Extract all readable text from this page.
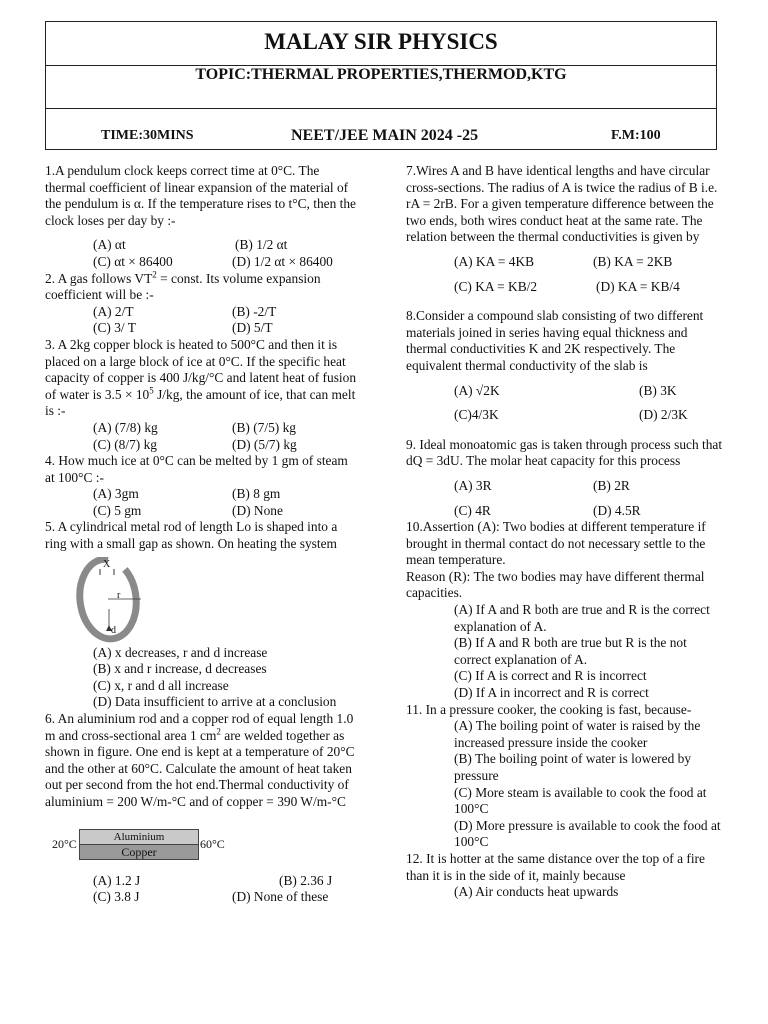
MALAY SIR PHYSICS
TOPIC:THERMAL PROPERTIES,THERMOD,KTG
TIME:30MINS	NEET/JEE MAIN 2024 -25	F.M:100

1.A pendulum clock keeps correct time at 0°C. The thermal coefficient of linear expansion of the material of the pendulum is α. If the temperature rises to t°C, then the clock loses per day by :-

(A) αt	(B) 1/2 αt
(C) αt × 86400	(D) 1/2 αt × 86400

2. A gas follows $VT^2$ = const. Its volume expansion coefficient will be :-

(A) 2/T	(B) -2/T
(C) 3/ T	(D) 5/T

3. A 2kg copper block is heated to 500°C and then it is placed on a large block of ice at 0°C. If the specific heat capacity of copper is 400 J/kg/°C and latent heat of fusion of water is $3.5 \times 10^5$ J/kg, the amount of ice, that can melt is :-

(A) (7/8) kg	(B) (7/5) kg
(C) (8/7) kg	(D) (5/7) kg

4. How much ice at 0°C can be melted by 1 gm of steam at 100°C :-

(A) 3gm	(B) 8 gm
(C) 5 gm	(D) None

5. A cylindrical metal rod of length Lo is shaped into a ring with a small gap as shown. On heating the system

X
r
d

(A) x decreases, r and d increase

(B) x and r increase, d decreases

(C) x, r and d all increase

(D) Data insufficient to arrive at a conclusion

6. An aluminium rod and a copper rod of equal length 1.0 m and cross-sectional area 1 $cm^2$ are welded together as shown in figure. One end is kept at a temperature of 20°C and the other at 60°C. Calculate the amount of heat taken out per second from the hot end.Thermal conductivity of aluminium = 200 W/m-°C and of copper = 390 W/m-°C

20°C	Aluminium
Copper
60°C
(A) 1.2 J	(B) 2.36 J
(C) 3.8 J	(D) None of these

7.Wires A and B have identical lengths and have circular cross-sections. The radius of A is twice the radius of B i.e. rA = 2rB. For a given temperature difference between the two ends, both wires conduct heat at the same rate. The relation between the thermal conductivities is given by

(A) KA = 4KB	(B) KA = 2KB
(C) KA = KB/2	(D) KA = KB/4

8.Consider a compound slab consisting of two different materials joined in series having equal thickness and thermal conductivities K and 2K respectively. The equivalent thermal conductivity of the slab is

(A) √2K	(B) 3K
(C)4/3K	(D) 2/3K

9. Ideal monoatomic gas is taken through process such that dQ = 3dU. The molar heat capacity for this process

(A) 3R	(B) 2R
(C) 4R	(D) 4.5R

10.Assertion (A): Two bodies at different temperature if brought in thermal contact do not necessary settle to the mean temperature.

Reason (R): The two bodies may have different thermal capacities.

(A) If A and R both are true and R is the correct explanation of A.

(B) If A and R both are true but R is the not correct explanation of A.

(C) If A is correct and R is incorrect

(D) If A in incorrect and R is correct

11. In a pressure cooker, the cooking is fast, because-

(A) The boiling point of water is raised by the increased pressure inside the cooker

(B) The boiling point of water is lowered by pressure

(C) More steam is available to cook the food at 100°C

(D) More pressure is available to cook the food at 100°C

12. It is hotter at the same distance over the top of a fire than it is in the side of it, mainly because

(A) Air conducts heat upwards
